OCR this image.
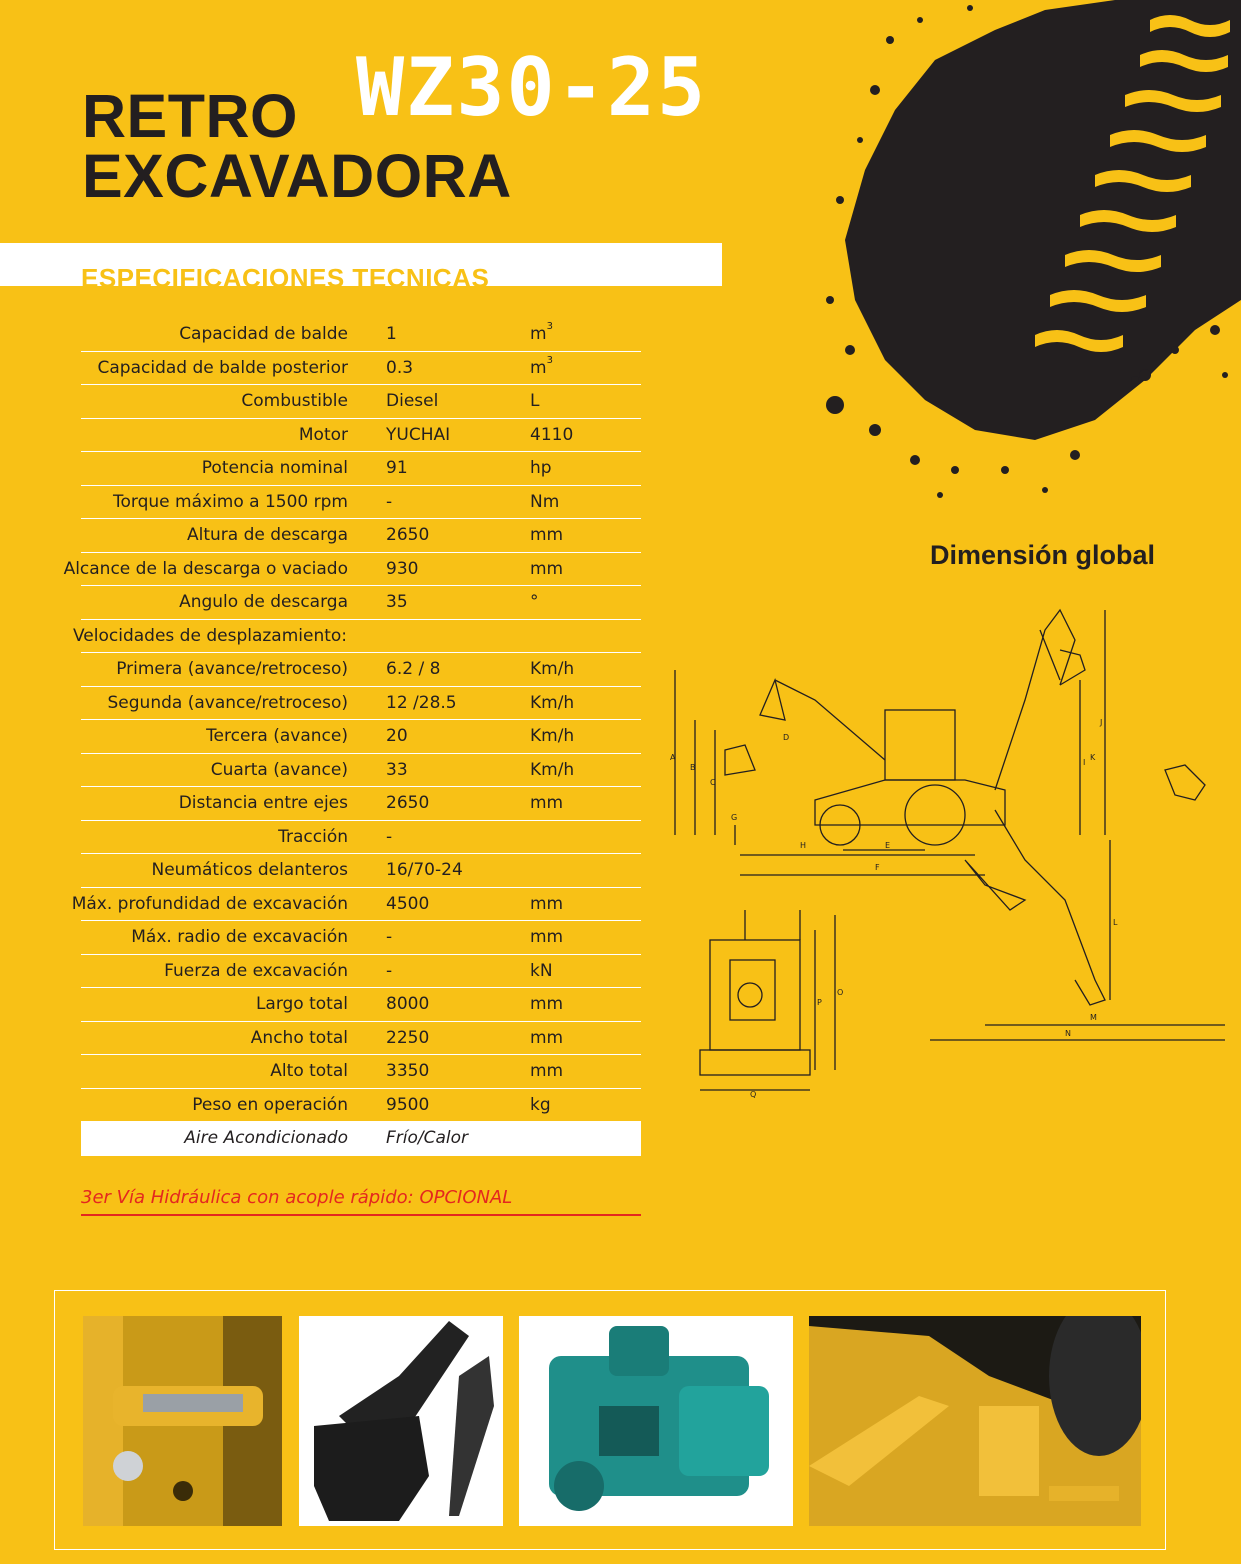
RETRO
EXCAVADORA
WZ30-25
ESPECIFICACIONES TECNICAS
Capacidad de balde 1	$m^3$
Capacidad de balde posterior 0.3	$m^3$
Combustible Diesel	L
Motor YUCHAI	4110
Potencia nominal 91	hp
Torque máximo a 1500 rpm -	Nm
Altura de descarga 2650	mm
Alcance de la descarga o vaciado 930	mm
Angulo de descarga 35	°
Velocidades de desplazamiento:
Primera (avance/retroceso) 6.2 / 8	Km/h
Segunda (avance/retroceso) 12 /28.5	Km/h
Tercera (avance) 20	Km/h
Cuarta (avance) 33	Km/h
Distancia entre ejes 2650	mm
Tracción -
Neumáticos delanteros 16/70-24
Máx. profundidad de excavación 4500	mm
Máx. radio de excavación -	mm
Fuerza de excavación -	kN
Largo total 8000	mm
Ancho total 2250	mm
Alto total 3350	mm
Peso en operación 9500	kg
Aire Acondicionado Frío/Calor
3er Vía Hidráulica con acople rápido: OPCIONAL
Dimensión global
A
B
C
D
E
F
G
H
I
J
K
L
M
N
O
P
Q
